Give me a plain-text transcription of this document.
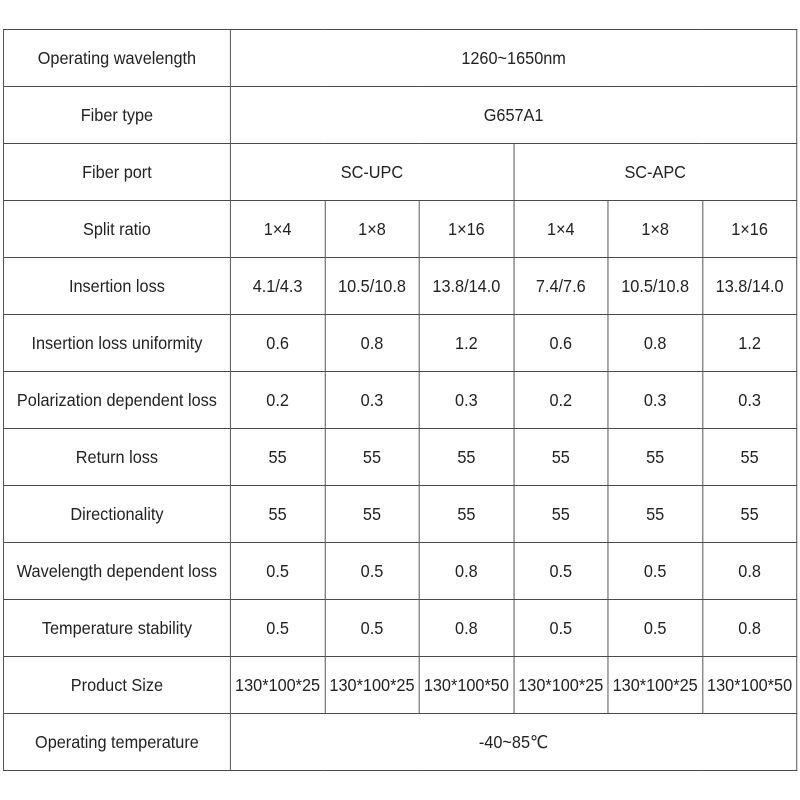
Operating wavelength	1260~1650nm					
Fiber type	G657A1					
Fiber port	SC-UPC			SC-APC		
Split ratio	1×4	1×8	1×16	1×4	1×8	1×16
Insertion loss	4.1/4.3	10.5/10.8	13.8/14.0	7.4/7.6	10.5/10.8	13.8/14.0
Insertion loss uniformity	0.6	0.8	1.2	0.6	0.8	1.2
Polarization dependent loss	0.2	0.3	0.3	0.2	0.3	0.3
Return loss	55	55	55	55	55	55
Directionality	55	55	55	55	55	55
Wavelength dependent loss	0.5	0.5	0.8	0.5	0.5	0.8
Temperature stability	0.5	0.5	0.8	0.5	0.5	0.8
Product Size	130*100*25	130*100*25	130*100*50	130*100*25	130*100*25	130*100*50
Operating temperature	-40~85℃					
